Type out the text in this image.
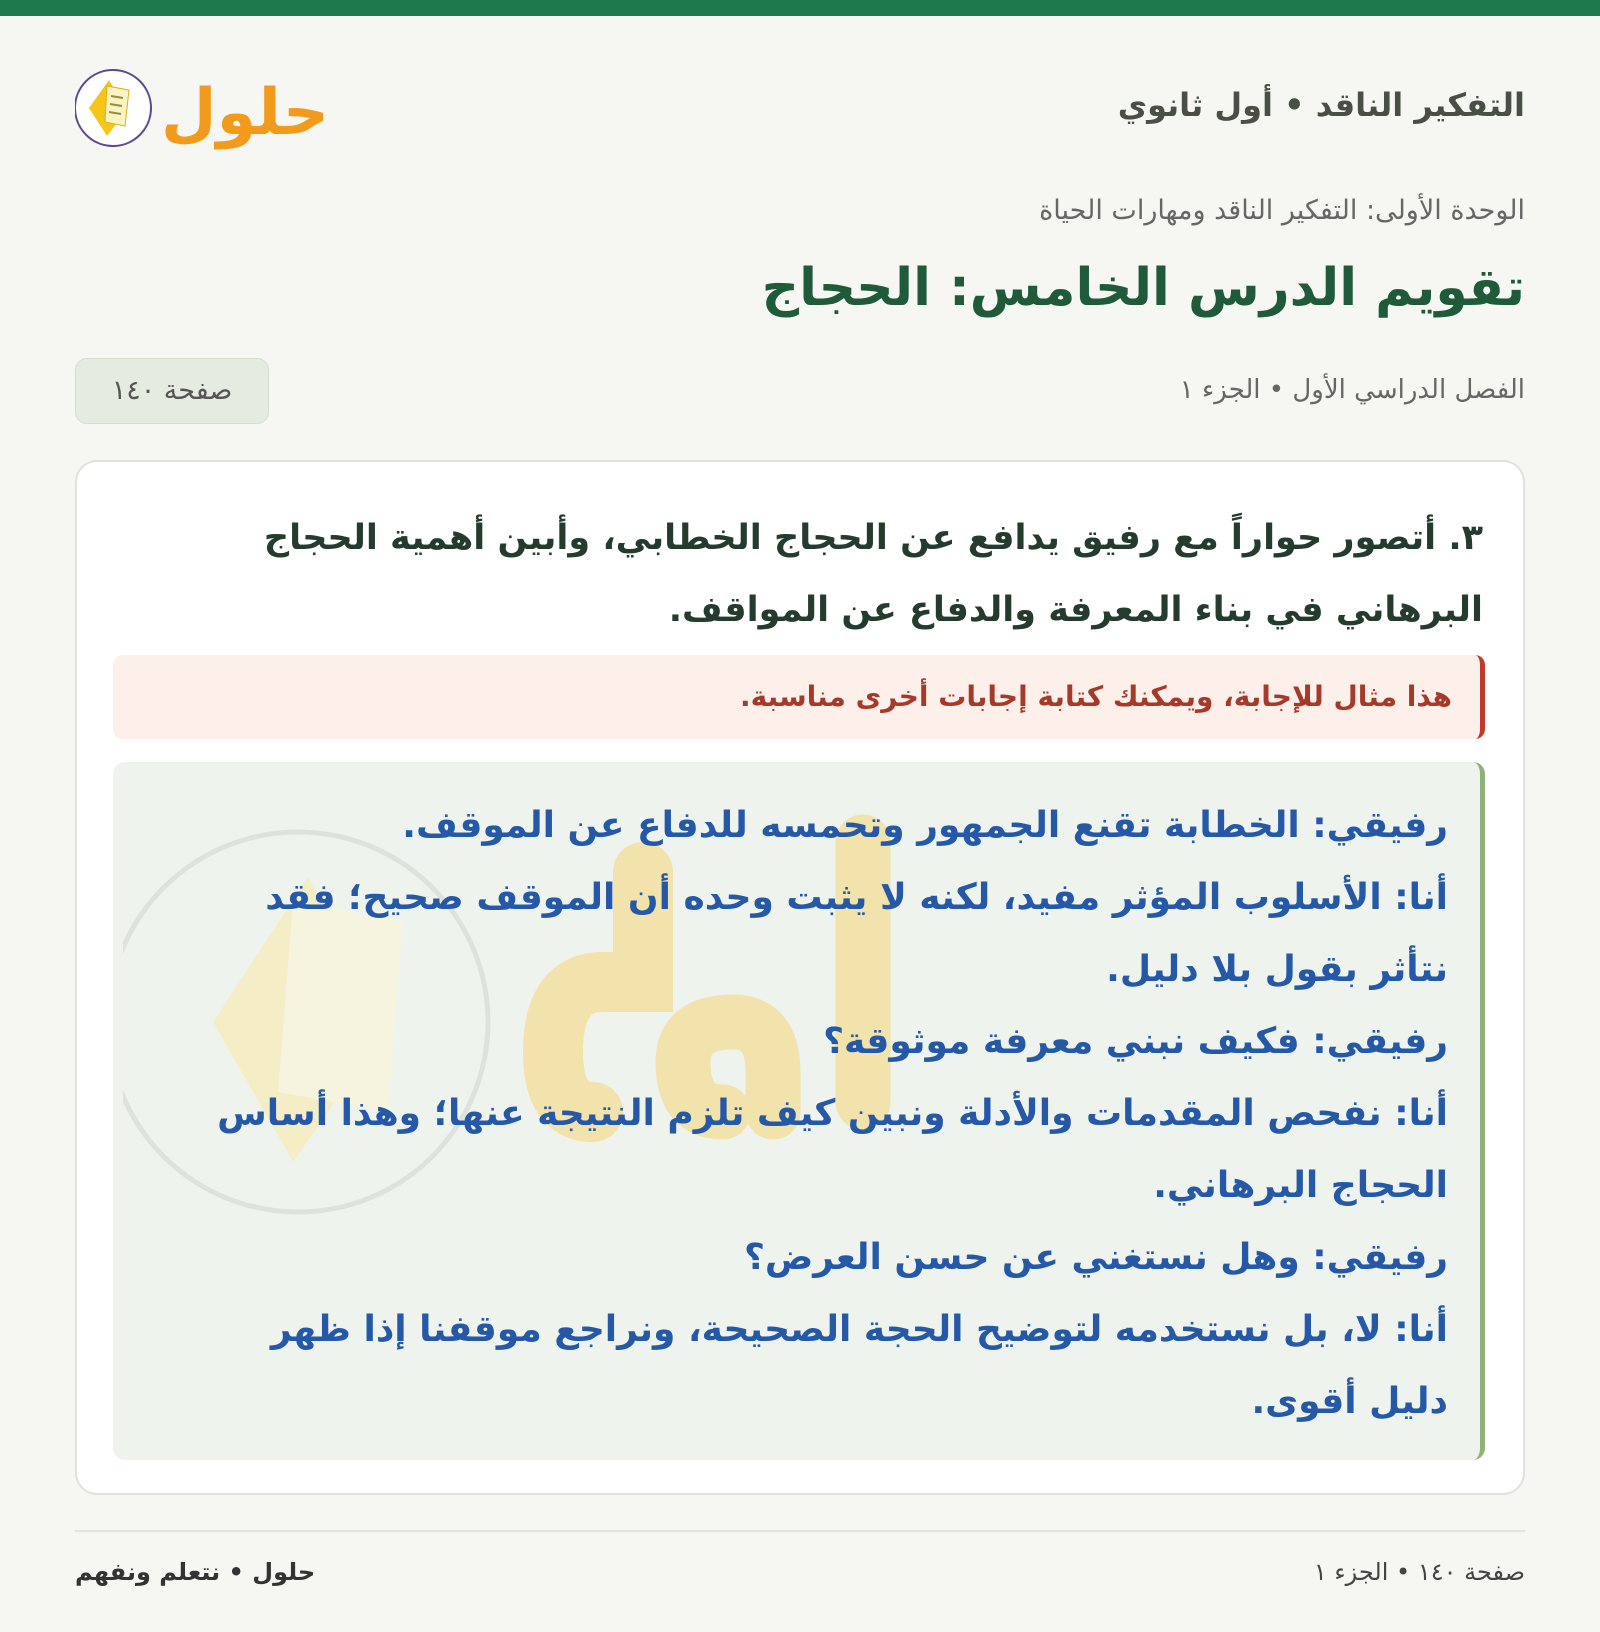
التفكير الناقد • أول ثانوي
حلول
الوحدة الأولى: التفكير الناقد ومهارات الحياة
تقويم الدرس الخامس: الحجاج
الفصل الدراسي الأول • الجزء ١
صفحة ١٤٠

٣. أتصور حواراً مع رفيق يدافع عن الحجاج الخطابي، وأبين أهمية الحجاج البرهاني في بناء المعرفة والدفاع عن المواقف.

هذا مثال للإجابة، ويمكنك كتابة إجابات أخرى مناسبة.
رفيقي: الخطابة تقنع الجمهور وتحمسه للدفاع عن الموقف.
أنا: الأسلوب المؤثر مفيد، لكنه لا يثبت وحده أن الموقف صحيح؛ فقد نتأثر بقول بلا دليل.
رفيقي: فكيف نبني معرفة موثوقة؟
أنا: نفحص المقدمات والأدلة ونبين كيف تلزم النتيجة عنها؛ وهذا أساس الحجاج البرهاني.
رفيقي: وهل نستغني عن حسن العرض؟
أنا: لا، بل نستخدمه لتوضيح الحجة الصحيحة، ونراجع موقفنا إذا ظهر دليل أقوى.
صفحة ١٤٠ • الجزء ١
حلول • نتعلم ونفهم
